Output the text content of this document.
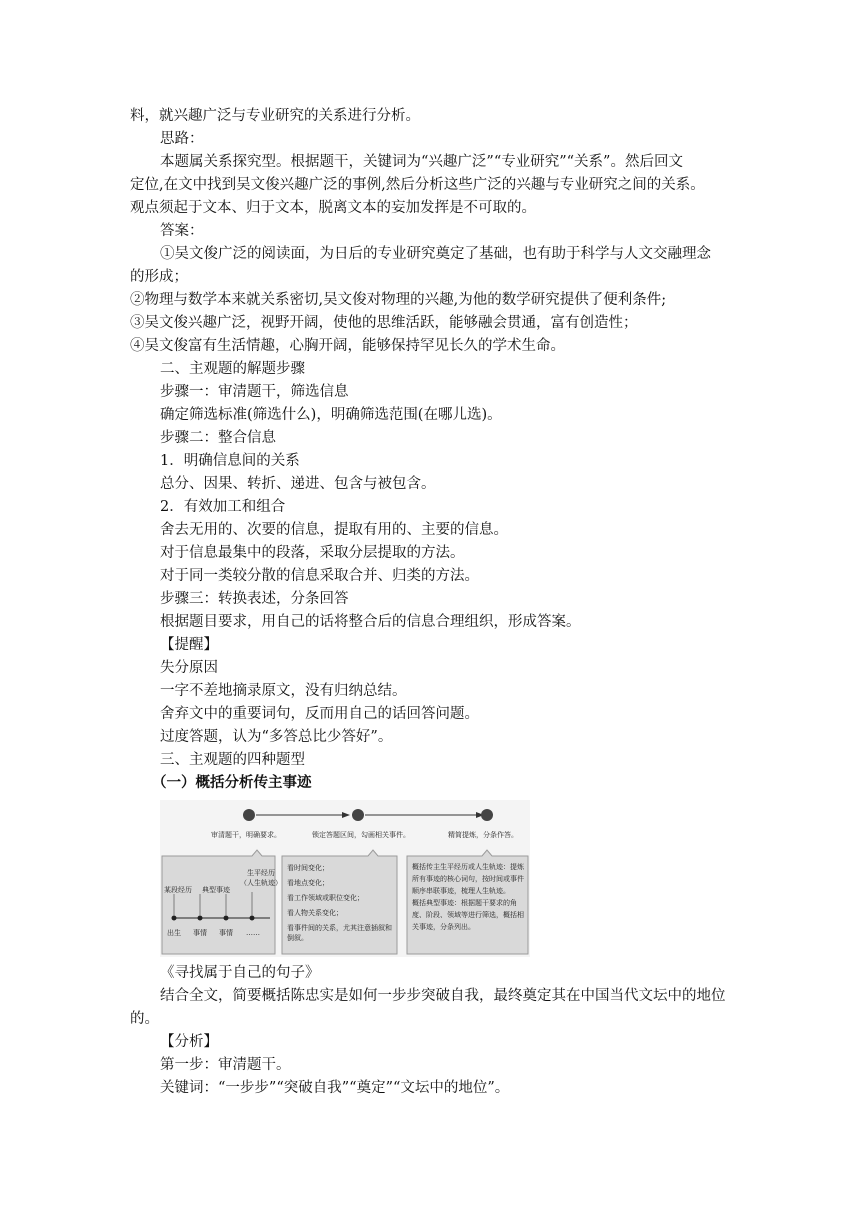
料，就兴趣广泛与专业研究的关系进行分析。
思路：
本题属关系探究型。根据题干，关键词为“兴趣广泛”“专业研究”“关系”。然后回文
定位,在文中找到吴文俊兴趣广泛的事例,然后分析这些广泛的兴趣与专业研究之间的关系。
观点须起于文本、归于文本，脱离文本的妄加发挥是不可取的。
答案：
①吴文俊广泛的阅读面，为日后的专业研究奠定了基础，也有助于科学与人文交融理念
的形成；
②物理与数学本来就关系密切,吴文俊对物理的兴趣,为他的数学研究提供了便利条件;
③吴文俊兴趣广泛，视野开阔，使他的思维活跃，能够融会贯通，富有创造性；
④吴文俊富有生活情趣，心胸开阔，能够保持罕见长久的学术生命。
二、主观题的解题步骤
步骤一：审清题干，筛选信息
确定筛选标准(筛选什么)，明确筛选范围(在哪儿选)。
步骤二：整合信息
1．明确信息间的关系
总分、因果、转折、递进、包含与被包含。
2．有效加工和组合
舍去无用的、次要的信息，提取有用的、主要的信息。
对于信息最集中的段落，采取分层提取的方法。
对于同一类较分散的信息采取合并、归类的方法。
步骤三：转换表述，分条回答
根据题目要求，用自己的话将整合后的信息合理组织，形成答案。
【提醒】
失分原因
一字不差地摘录原文，没有归纳总结。
舍弃文中的重要词句，反而用自己的话回答问题。
过度答题，认为“多答总比少答好”。
三、主观题的四种题型
（一）概括分析传主事迹
审清题干，明确要求。	锁定答题区间，勾画相关事件。	精简提炼，分条作答。
生平经历
（人生轨迹）
某段经历 典型事迹
出生 事情 事情 ……
看时间变化；
看地点变化；
看工作领域或职位变化；
看人物关系变化；
看事件间的关系，尤其注意插叙和倒叙。
概括传主生平经历或人生轨迹：提炼所有事迹的核心词句，按时间或事件顺序串联事迹，梳理人生轨迹。
概括典型事迹：根据题干要求的角度、阶段、领域等进行筛选，概括相关事迹，分条列出。
《寻找属于自己的句子》
结合全文，简要概括陈忠实是如何一步步突破自我，最终奠定其在中国当代文坛中的地位的。
【分析】
第一步：审清题干。
关键词：“一步步”“突破自我”“奠定”“文坛中的地位”。
